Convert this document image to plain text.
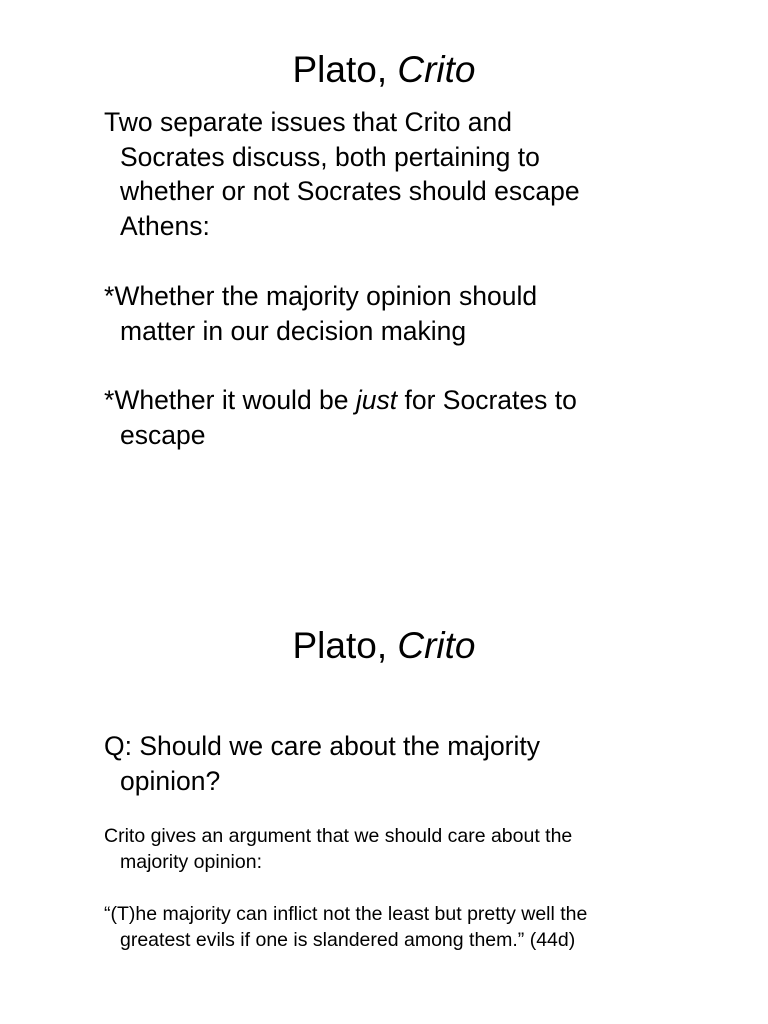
Plato, Crito

Two separate issues that Crito and
Socrates discuss, both pertaining to
whether or not Socrates should escape
Athens:

*Whether the majority opinion should
matter in our decision making

*Whether it would be just for Socrates to
escape

Plato, Crito

Q: Should we care about the majority
opinion?

Crito gives an argument that we should care about the
majority opinion:

“(T)he majority can inflict not the least but pretty well the
greatest evils if one is slandered among them.” (44d)
